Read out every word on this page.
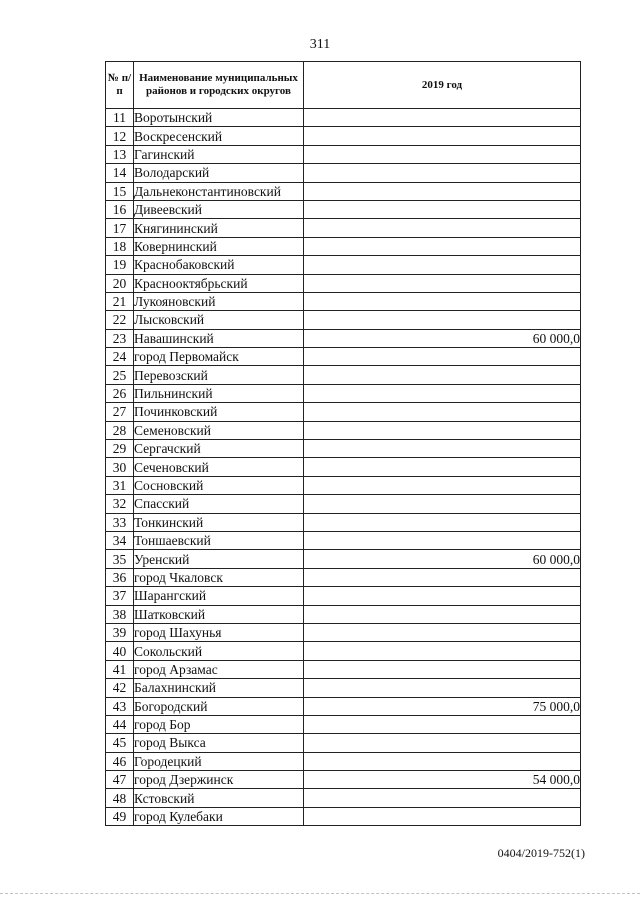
311
№ п/п	Наименование муниципальных районов и городских округов	2019 год
11	Воротынский	
12	Воскресенский	
13	Гагинский	
14	Володарский	
15	Дальнеконстантиновский	
16	Дивеевский	
17	Княгининский	
18	Ковернинский	
19	Краснобаковский	
20	Краснооктябрьский	
21	Лукояновский	
22	Лысковский	
23	Навашинский	60 000,0
24	город Первомайск	
25	Перевозский	
26	Пильнинский	
27	Починковский	
28	Семеновский	
29	Сергачский	
30	Сеченовский	
31	Сосновский	
32	Спасский	
33	Тонкинский	
34	Тоншаевский	
35	Уренский	60 000,0
36	город Чкаловск	
37	Шарангский	
38	Шатковский	
39	город Шахунья	
40	Сокольский	
41	город Арзамас	
42	Балахнинский	
43	Богородский	75 000,0
44	город Бор	
45	город Выкса	
46	Городецкий	
47	город Дзержинск	54 000,0
48	Кстовский	
49	город Кулебаки	
0404/2019-752(1)
